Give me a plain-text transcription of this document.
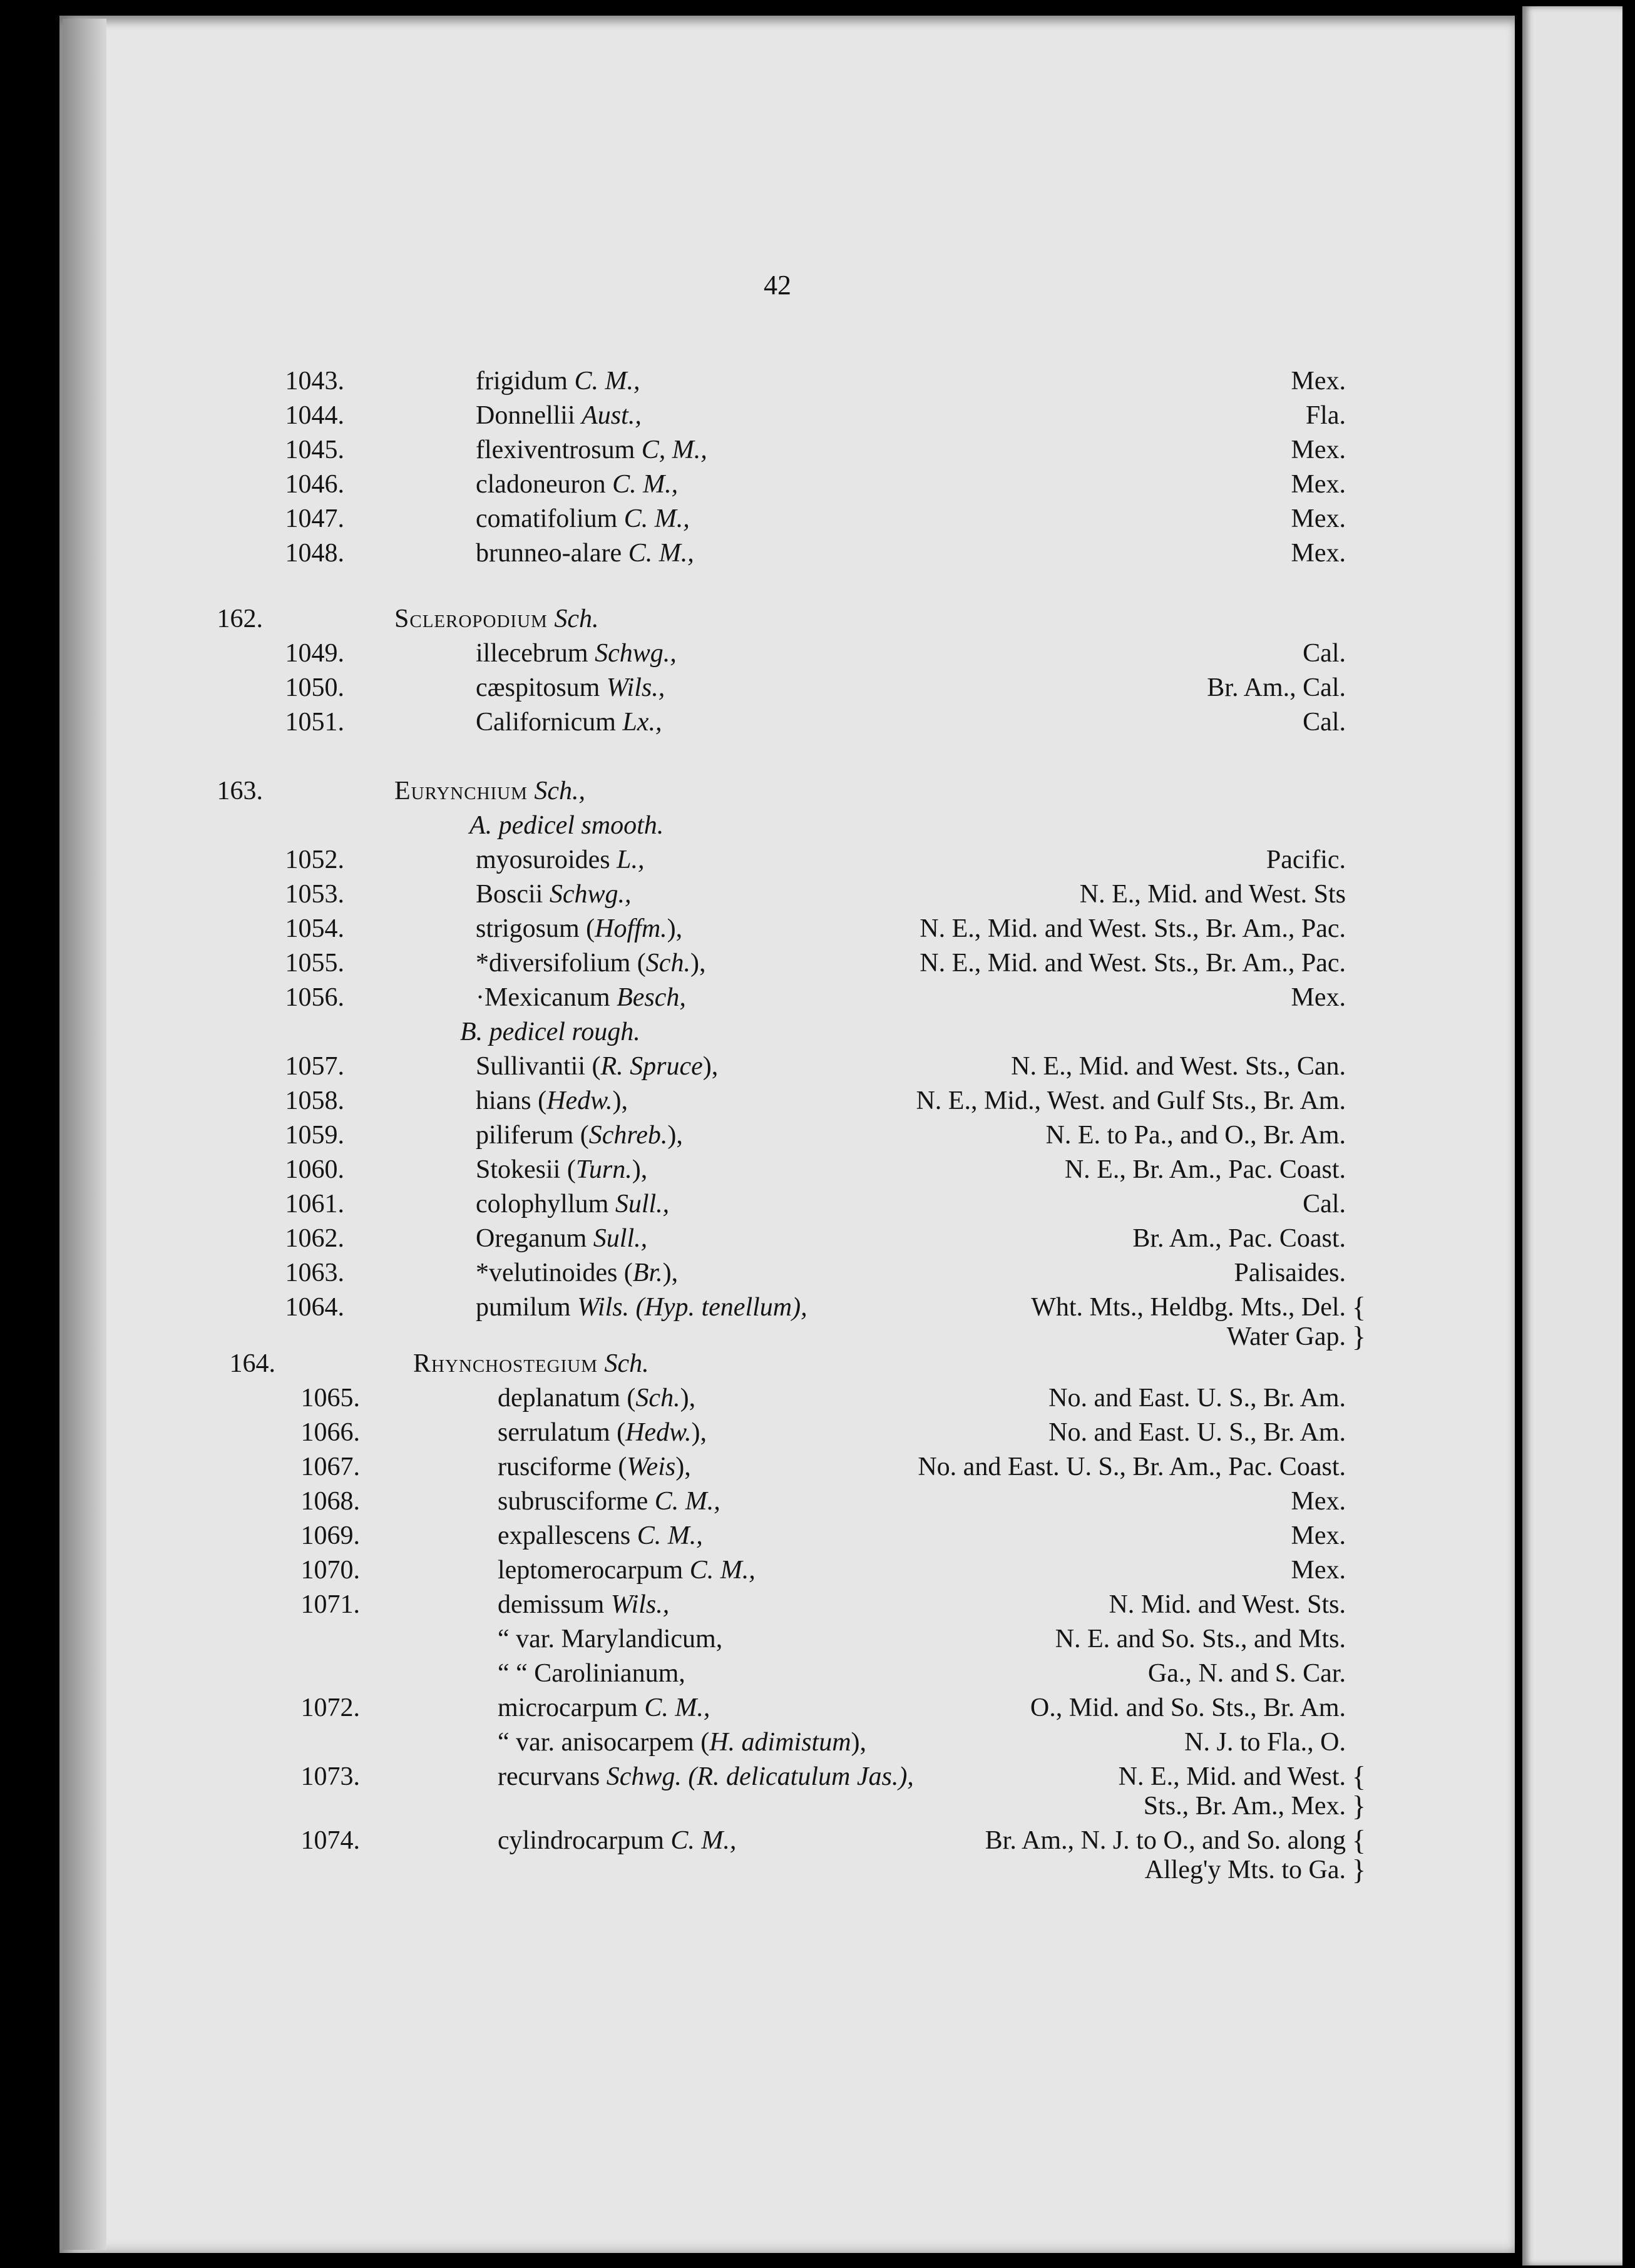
42
1043.	frigidum C. M.,	Mex.
1044.	Donnellii Aust.,	Fla.
1045.	flexiventrosum C, M.,	Mex.
1046.	cladoneuron C. M.,	Mex.
1047.	comatifolium C. M.,	Mex.
1048.	brunneo-alare C. M.,	Mex.
162.	Scleropodium Sch.
1049.	illecebrum Schwg.,	Cal.
1050.	cæspitosum Wils.,	Br. Am., Cal.
1051.	Californicum Lx.,	Cal.
163.	Eurynchium Sch.,
A. pedicel smooth.
1052.	myosuroides L.,	Pacific.
1053.	Boscii Schwg.,	N. E., Mid. and West. Sts
1054.	strigosum (Hoffm.),	N. E., Mid. and West. Sts., Br. Am., Pac.
1055.	*diversifolium (Sch.),	N. E., Mid. and West. Sts., Br. Am., Pac.
1056.	·Mexicanum Besch,	Mex.
B. pedicel rough.
1057.	Sullivantii (R. Spruce),	N. E., Mid. and West. Sts., Can.
1058.	hians (Hedw.),	N. E., Mid., West. and Gulf Sts., Br. Am.
1059.	piliferum (Schreb.),	N. E. to Pa., and O., Br. Am.
1060.	Stokesii (Turn.),	N. E., Br. Am., Pac. Coast.
1061.	colophyllum Sull.,	Cal.
1062.	Oreganum Sull.,	Br. Am., Pac. Coast.
1063.	*velutinoides (Br.),	Palisaides.
1064.	pumilum Wils. (Hyp. tenellum),	Wht. Mts., Heldbg. Mts., Del. {
Water Gap. }
164.	Rhynchostegium Sch.
1065.	deplanatum (Sch.),	No. and East. U. S., Br. Am.
1066.	serrulatum (Hedw.),	No. and East. U. S., Br. Am.
1067.	rusciforme (Weis),	No. and East. U. S., Br. Am., Pac. Coast.
1068.	subrusciforme C. M.,	Mex.
1069.	expallescens C. M.,	Mex.
1070.	leptomerocarpum C. M.,	Mex.
1071.	demissum Wils.,	N. Mid. and West. Sts.
“ var. Marylandicum,	N. E. and So. Sts., and Mts.
“ “ Carolinianum,	Ga., N. and S. Car.
1072.	microcarpum C. M.,	O., Mid. and So. Sts., Br. Am.
“ var. anisocarpem (H. adimistum),	N. J. to Fla., O.
1073.	recurvans Schwg. (R. delicatulum Jas.),	N. E., Mid. and West. {
Sts., Br. Am., Mex. }
1074.	cylindrocarpum C. M.,	Br. Am., N. J. to O., and So. along {
Alleg'y Mts. to Ga. }
